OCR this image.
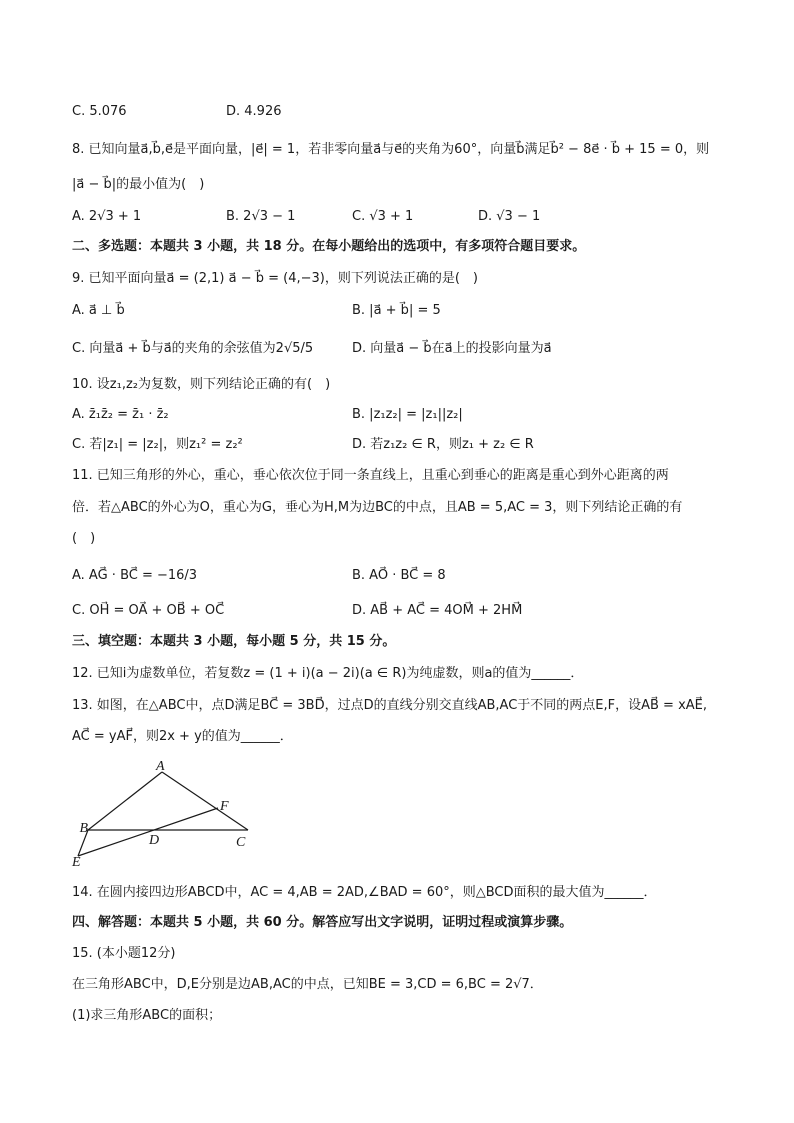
C. 5.076	D. 4.926
8. 已知向量a⃗,b⃗,e⃗是平面向量，|e⃗| = 1，若非零向量a⃗与e⃗的夹角为60°，向量b⃗满足b⃗² − 8e⃗ · b⃗ + 15 = 0，则
|a⃗ − b⃗|的最小值为(　)
A. 2√3 + 1	B. 2√3 − 1	C. √3 + 1	D. √3 − 1
二、多选题：本题共 3 小题，共 18 分。在每小题给出的选项中，有多项符合题目要求。
9. 已知平面向量a⃗ = (2,1) a⃗ − b⃗ = (4,−3)，则下列说法正确的是(　)
A. a⃗ ⊥ b⃗	B. |a⃗ + b⃗| = 5
C. 向量a⃗ + b⃗与a⃗的夹角的余弦值为2√5/5	D. 向量a⃗ − b⃗在a⃗上的投影向量为a⃗
10. 设z₁,z₂为复数，则下列结论正确的有(　)
A. z̄₁z̄₂ = z̄₁ · z̄₂	B. |z₁z₂| = |z₁||z₂|
C. 若|z₁| = |z₂|，则z₁² = z₂²	D. 若z₁z₂ ∈ R，则z₁ + z₂ ∈ R
11. 已知三角形的外心，重心，垂心依次位于同一条直线上，且重心到垂心的距离是重心到外心距离的两
倍．若△ABC的外心为O，重心为G，垂心为H,M为边BC的中点，且AB = 5,AC = 3，则下列结论正确的有
(　)
A. AG⃗ · BC⃗ = −16/3	B. AO⃗ · BC⃗ = 8
C. OH⃗ = OA⃗ + OB⃗ + OC⃗	D. AB⃗ + AC⃗ = 4OM⃗ + 2HM⃗
三、填空题：本题共 3 小题，每小题 5 分，共 15 分。
12. 已知i为虚数单位，若复数z = (1 + i)(a − 2i)(a ∈ R)为纯虚数，则a的值为______．
13. 如图，在△ABC中，点D满足BC⃗ = 3BD⃗，过点D的直线分别交直线AB,AC于不同的两点E,F，设AB⃗ = xAE⃗,
AC⃗ = yAF⃗，则2x + y的值为______．
A
B
C
D
E
F
14. 在圆内接四边形ABCD中，AC = 4,AB = 2AD,∠BAD = 60°，则△BCD面积的最大值为______．
四、解答题：本题共 5 小题，共 60 分。解答应写出文字说明，证明过程或演算步骤。
15. (本小题12分)
在三角形ABC中，D,E分别是边AB,AC的中点，已知BE = 3,CD = 6,BC = 2√7．
(1)求三角形ABC的面积；
